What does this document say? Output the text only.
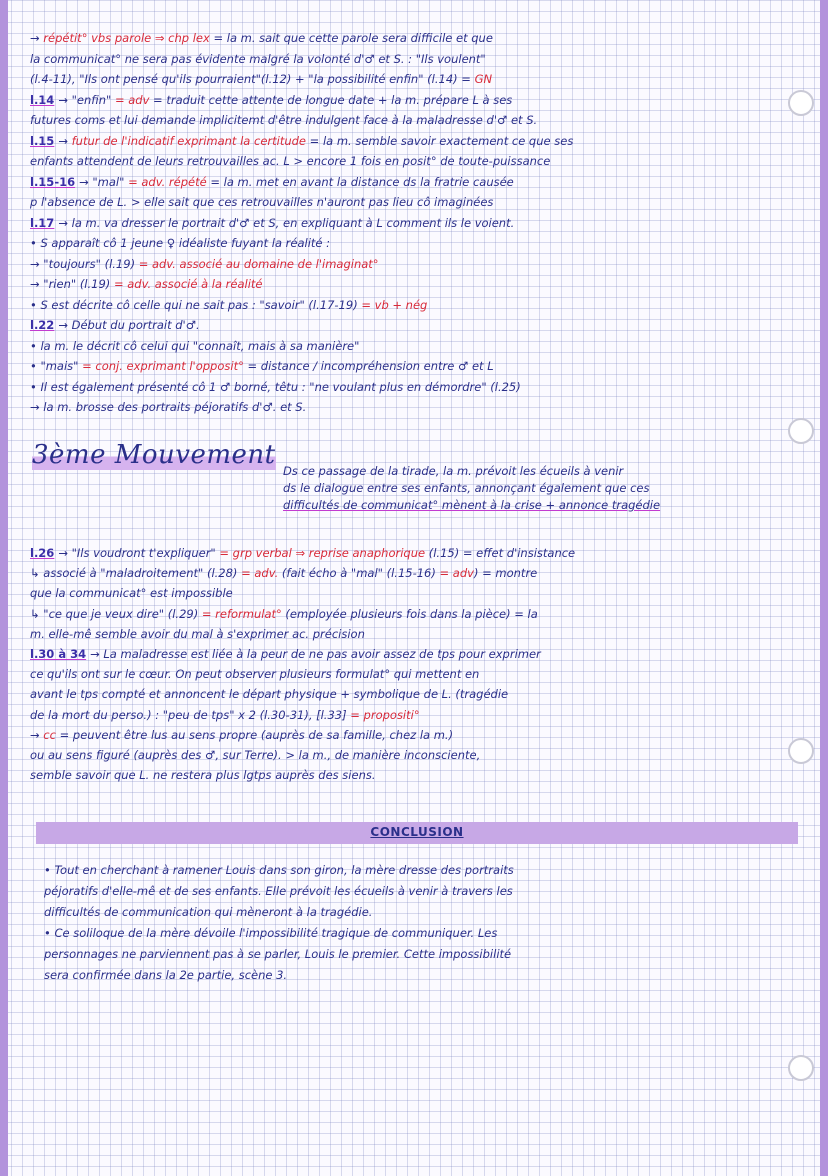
→ répétit° vbs parole ⇒ chp lex = la m. sait que cette parole sera difficile et que
la communicat° ne sera pas évidente malgré la volonté d'♂ et S. : "Ils voulent"
(l.4-11), "Ils ont pensé qu'ils pourraient"(l.12) + "la possibilité enfin" (l.14) = GN
l.14 → "enfin" = adv = traduit cette attente de longue date + la m. prépare L à ses
futures coms et lui demande implicitemt d'être indulgent face à la maladresse d'♂ et S.
l.15 → futur de l'indicatif exprimant la certitude = la m. semble savoir exactement ce que ses
enfants attendent de leurs retrouvailles ac. L > encore 1 fois en posit° de toute-puissance
l.15-16 → "mal" = adv. répété = la m. met en avant la distance ds la fratrie causée
p l'absence de L. > elle sait que ces retrouvailles n'auront pas lieu cô imaginées
l.17 → la m. va dresser le portrait d'♂ et S, en expliquant à L comment ils le voient.
• S apparaît cô 1 jeune ♀ idéaliste fuyant la réalité :
→ "toujours" (l.19) = adv. associé au domaine de l'imaginat°
→ "rien" (l.19) = adv. associé à la réalité
• S est décrite cô celle qui ne sait pas : "savoir" (l.17-19) = vb + nég
l.22 → Début du portrait d'♂.
• la m. le décrit cô celui qui "connaît, mais à sa manière"
• "mais" = conj. exprimant l'opposit° = distance / incompréhension entre ♂ et L
• Il est également présenté cô 1 ♂ borné, têtu : "ne voulant plus en démordre" (l.25)
→ la m. brosse des portraits péjoratifs d'♂. et S.
3ème Mouvement
Ds ce passage de la tirade, la m. prévoit les écueils à venir
ds le dialogue entre ses enfants, annonçant également que ces
difficultés de communicat° mènent à la crise + annonce tragédie
l.26 → "Ils voudront t'expliquer" = grp verbal ⇒ reprise anaphorique (l.15) = effet d'insistance
↳ associé à "maladroitement" (l.28) = adv. (fait écho à "mal" (l.15-16) = adv) = montre
que la communicat° est impossible
↳ "ce que je veux dire" (l.29) = reformulat° (employée plusieurs fois dans la pièce) = la
m. elle-mê semble avoir du mal à s'exprimer ac. précision
l.30 à 34 → La maladresse est liée à la peur de ne pas avoir assez de tps pour exprimer
ce qu'ils ont sur le cœur. On peut observer plusieurs formulat° qui mettent en
avant le tps compté et annoncent le départ physique + symbolique de L. (tragédie
de la mort du perso.) : "peu de tps" x 2 (l.30-31), [l.33] = propositi°
→ cc = peuvent être lus au sens propre (auprès de sa famille, chez la m.)
ou au sens figuré (auprès des ♂, sur Terre). > la m., de manière inconsciente,
semble savoir que L. ne restera plus lgtps auprès des siens.
CONCLUSION
• Tout en cherchant à ramener Louis dans son giron, la mère dresse des portraits
péjoratifs d'elle-mê et de ses enfants. Elle prévoit les écueils à venir à travers les
difficultés de communication qui mèneront à la tragédie.
• Ce soliloque de la mère dévoile l'impossibilité tragique de communiquer. Les
personnages ne parviennent pas à se parler, Louis le premier. Cette impossibilité
sera confirmée dans la 2e partie, scène 3.
